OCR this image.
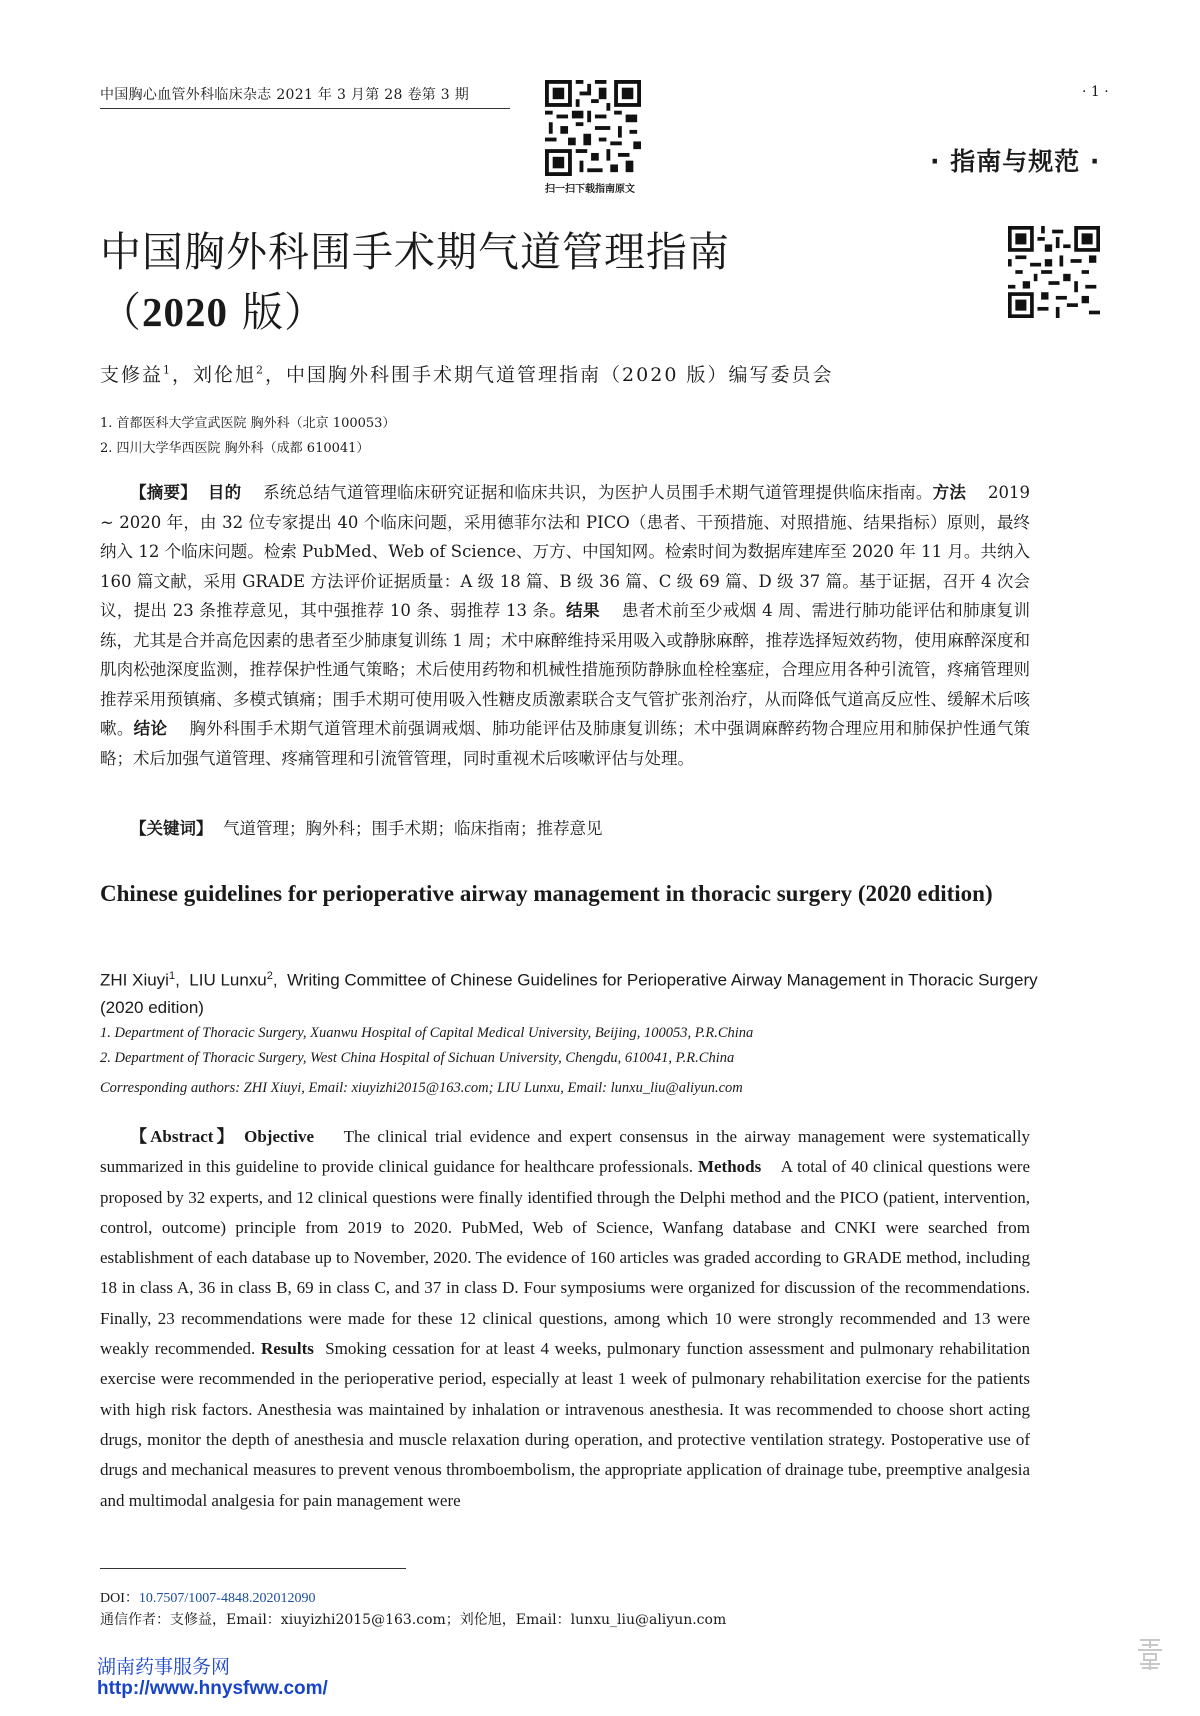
中国胸心血管外科临床杂志 2021 年 3 月第 28 卷第 3 期	· 1 ·
扫一扫下载指南原文
· 指南与规范 ·
中国胸外科围手术期气道管理指南
（2020 版）
支修益$^1$，刘伦旭$^2$，中国胸外科围手术期气道管理指南（2020 版）编写委员会
1. 首都医科大学宣武医院 胸外科（北京 100053）
2. 四川大学华西医院 胸外科（成都 610041）
【摘要】 目的 系统总结气道管理临床研究证据和临床共识，为医护人员围手术期气道管理提供临床指南。方法 2019 ~ 2020 年，由 32 位专家提出 40 个临床问题，采用德菲尔法和 PICO（患者、干预措施、对照措施、结果指标）原则，最终纳入 12 个临床问题。检索 PubMed、Web of Science、万方、中国知网。检索时间为数据库建库至 2020 年 11 月。共纳入 160 篇文献，采用 GRADE 方法评价证据质量：A 级 18 篇、B 级 36 篇、C 级 69 篇、D 级 37 篇。基于证据，召开 4 次会议，提出 23 条推荐意见，其中强推荐 10 条、弱推荐 13 条。结果 患者术前至少戒烟 4 周、需进行肺功能评估和肺康复训练，尤其是合并高危因素的患者至少肺康复训练 1 周；术中麻醉维持采用吸入或静脉麻醉，推荐选择短效药物，使用麻醉深度和肌肉松弛深度监测，推荐保护性通气策略；术后使用药物和机械性措施预防静脉血栓栓塞症，合理应用各种引流管，疼痛管理则推荐采用预镇痛、多模式镇痛；围手术期可使用吸入性糖皮质激素联合支气管扩张剂治疗，从而降低气道高反应性、缓解术后咳嗽。结论 胸外科围手术期气道管理术前强调戒烟、肺功能评估及肺康复训练；术中强调麻醉药物合理应用和肺保护性通气策略；术后加强气道管理、疼痛管理和引流管管理，同时重视术后咳嗽评估与处理。
【关键词】 气道管理；胸外科；围手术期；临床指南；推荐意见
Chinese guidelines for perioperative airway management in thoracic surgery (2020 edition)
ZHI Xiuyi$^1$,  LIU Lunxu$^2$,  Writing Committee of Chinese Guidelines for Perioperative Airway Management in Thoracic Surgery (2020 edition)
1. Department of Thoracic Surgery, Xuanwu Hospital of Capital Medical University, Beijing, 100053, P.R.China
2. Department of Thoracic Surgery, West China Hospital of Sichuan University, Chengdu, 610041, P.R.China
Corresponding authors: ZHI Xiuyi, Email: xiuyizhi2015@163.com; LIU Lunxu, Email: lunxu_liu@aliyun.com
【Abstract】 Objective The clinical trial evidence and expert consensus in the airway management were systematically summarized in this guideline to provide clinical guidance for healthcare professionals. Methods A total of 40 clinical questions were proposed by 32 experts, and 12 clinical questions were finally identified through the Delphi method and the PICO (patient, intervention, control, outcome) principle from 2019 to 2020. PubMed, Web of Science, Wanfang database and CNKI were searched from establishment of each database up to November, 2020. The evidence of 160 articles was graded according to GRADE method, including 18 in class A, 36 in class B, 69 in class C, and 37 in class D. Four symposiums were organized for discussion of the recommendations. Finally, 23 recommendations were made for these 12 clinical questions, among which 10 were strongly recommended and 13 were weakly recommended. Results Smoking cessation for at least 4 weeks, pulmonary function assessment and pulmonary rehabilitation exercise were recommended in the perioperative period, especially at least 1 week of pulmonary rehabilitation exercise for the patients with high risk factors. Anesthesia was maintained by inhalation or intravenous anesthesia. It was recommended to choose short acting drugs, monitor the depth of anesthesia and muscle relaxation during operation, and protective ventilation strategy. Postoperative use of drugs and mechanical measures to prevent venous thromboembolism, the appropriate application of drainage tube, preemptive analgesia and multimodal analgesia for pain management were
DOI：10.7507/1007-4848.202012090
通信作者：支修益，Email：xiuyizhi2015@163.com；刘伦旭，Email：lunxu_liu@aliyun.com
湖南药事服务网
http://www.hnysfww.com/
